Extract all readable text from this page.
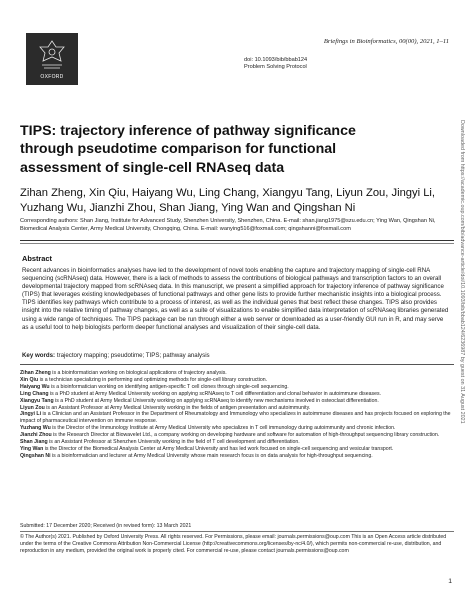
OXFORD
Briefings in Bioinformatics, 00(00), 2021, 1–11
doi: 10.1093/bib/bbab124
Problem Solving Protocol
TIPS: trajectory inference of pathway significance through pseudotime comparison for functional assessment of single-cell RNAseq data
Zihan Zheng, Xin Qiu, Haiyang Wu, Ling Chang, Xiangyu Tang, Liyun Zou, Jingyi Li, Yuzhang Wu, Jianzhi Zhou, Shan Jiang, Ying Wan and Qingshan Ni
Corresponding authors: Shan Jiang, Institute for Advanced Study, Shenzhen University, Shenzhen, China. E-mail: shan.jiang1975@szu.edu.cn; Ying Wan, Qingshan Ni, Biomedical Analysis Center, Army Medical University, Chongqing, China. E-mail: wanying516@foxmail.com; qingshanni@foxmail.com
Abstract
Recent advances in bioinformatics analyses have led to the development of novel tools enabling the capture and trajectory mapping of single-cell RNA sequencing (scRNAseq) data. However, there is a lack of methods to assess the contributions of biological pathways and transcription factors to an overall developmental trajectory mapped from scRNAseq data. In this manuscript, we present a simplified approach for trajectory inference of pathway significance (TIPS) that leverages existing knowledgebases of functional pathways and other gene lists to provide further mechanistic insights into a biological process. TIPS identifies key pathways which contribute to a process of interest, as well as the individual genes that best reflect these changes. TIPS also provides insight into the relative timing of pathway changes, as well as a suite of visualizations to enable simplified data interpretation of scRNAseq libraries generated using a wide range of techniques. The TIPS package can be run through either a web server or downloaded as a user-friendly GUI run in R, and may serve as a useful tool to help biologists perform deeper functional analyses and visualization of their single-cell data.
Key words: trajectory mapping; pseudotime; TIPS; pathway analysis

Zihan Zheng is a bioinformatician working on biological applications of trajectory analysis.

Xin Qiu is a technician specializing in performing and optimizing methods for single-cell library construction.

Haiyang Wu is a bioinformatician working on identifying antigen-specific T cell clones through single-cell sequencing.

Ling Chang is a PhD student at Army Medical University working on applying scRNAseq to T cell differentiation and clonal behavior in autoimmune diseases.

Xiangyu Tang is a PhD student at Army Medical University working on applying scRNAseq to identify new mechanisms involved in osteoclast differentiation.

Liyun Zou is an Assistant Professor at Army Medical University working in the fields of antigen presentation and autoimmunity.

Jingyi Li is a Clinician and an Assistant Professor in the Department of Rheumatology and Immunology who specializes in autoimmune diseases and has projects focused on exploring the impact of pharmaceutical intervention on immune response.

Yuzhang Wu is the Director of the Immunology Institute at Army Medical University who specializes in T cell immunology during autoimmunity and chronic infection.

Jianzhi Zhou is the Research Director at Biowavelet Ltd., a company working on developing hardware and software for automation of high-throughput sequencing library construction.

Shan Jiang is an Assistant Professor at Shenzhen University working in the field of T cell development and differentiation.

Ying Wan is the Director of the Biomedical Analysis Center at Army Medical University and has led work focused on single-cell sequencing and vesicular transport.

Qingshan Ni is a bioinformatician and lecturer at Army Medical University whose main research focus is on data analysis for high-throughput sequencing.

Submitted: 17 December 2020; Received (in revised form): 13 March 2021
© The Author(s) 2021. Published by Oxford University Press. All rights reserved. For Permissions, please email: journals.permissions@oup.com This is an Open Access article distributed under the terms of the Creative Commons Attribution Non-Commercial License (http://creativecommons.org/licenses/by-nc/4.0/), which permits non-commercial re-use, distribution, and reproduction in any medium, provided the original work is properly cited. For commercial re-use, please contact journals.permissions@oup.com
1
Downloaded from https://academic.oup.com/bib/advance-article/doi/10.1093/bib/bbab124/6236987 by guest on 31 August 2021
